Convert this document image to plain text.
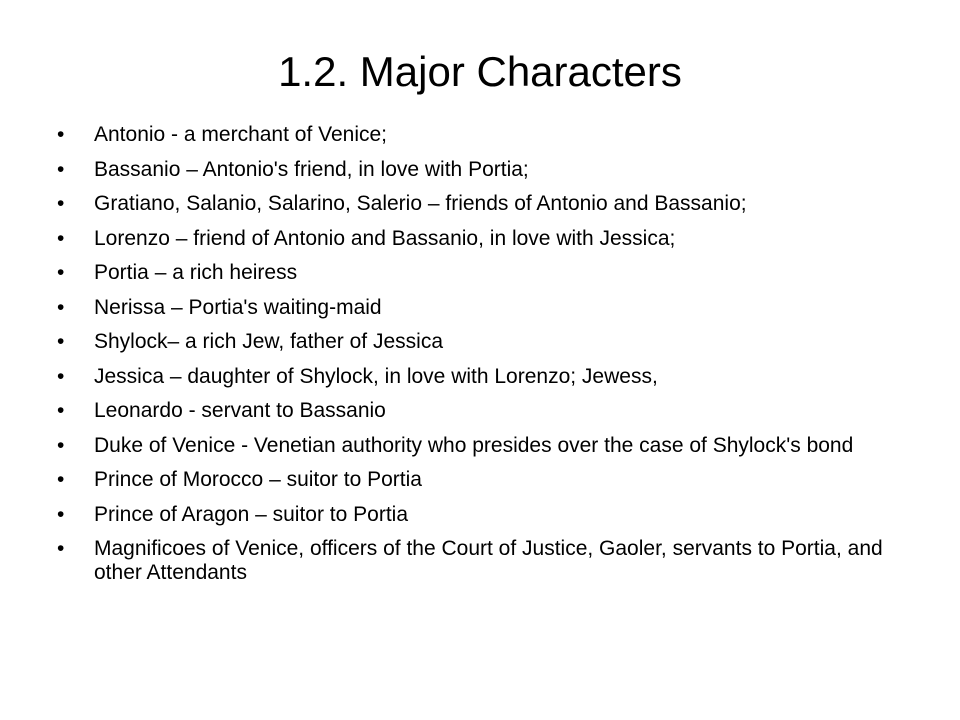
1.2. Major Characters
• Antonio - a merchant of Venice;
• Bassanio – Antonio's friend, in love with Portia;
• Gratiano, Salanio, Salarino, Salerio – friends of Antonio and Bassanio;
• Lorenzo – friend of Antonio and Bassanio, in love with Jessica;
• Portia – a rich heiress
• Nerissa – Portia's waiting-maid
• Shylock– a rich Jew, father of Jessica
• Jessica – daughter of Shylock, in love with Lorenzo; Jewess,
• Leonardo - servant to Bassanio
• Duke of Venice - Venetian authority who presides over the case of Shylock's bond
• Prince of Morocco – suitor to Portia
• Prince of Aragon – suitor to Portia
• Magnificoes of Venice, officers of the Court of Justice, Gaoler, servants to Portia, and other Attendants
